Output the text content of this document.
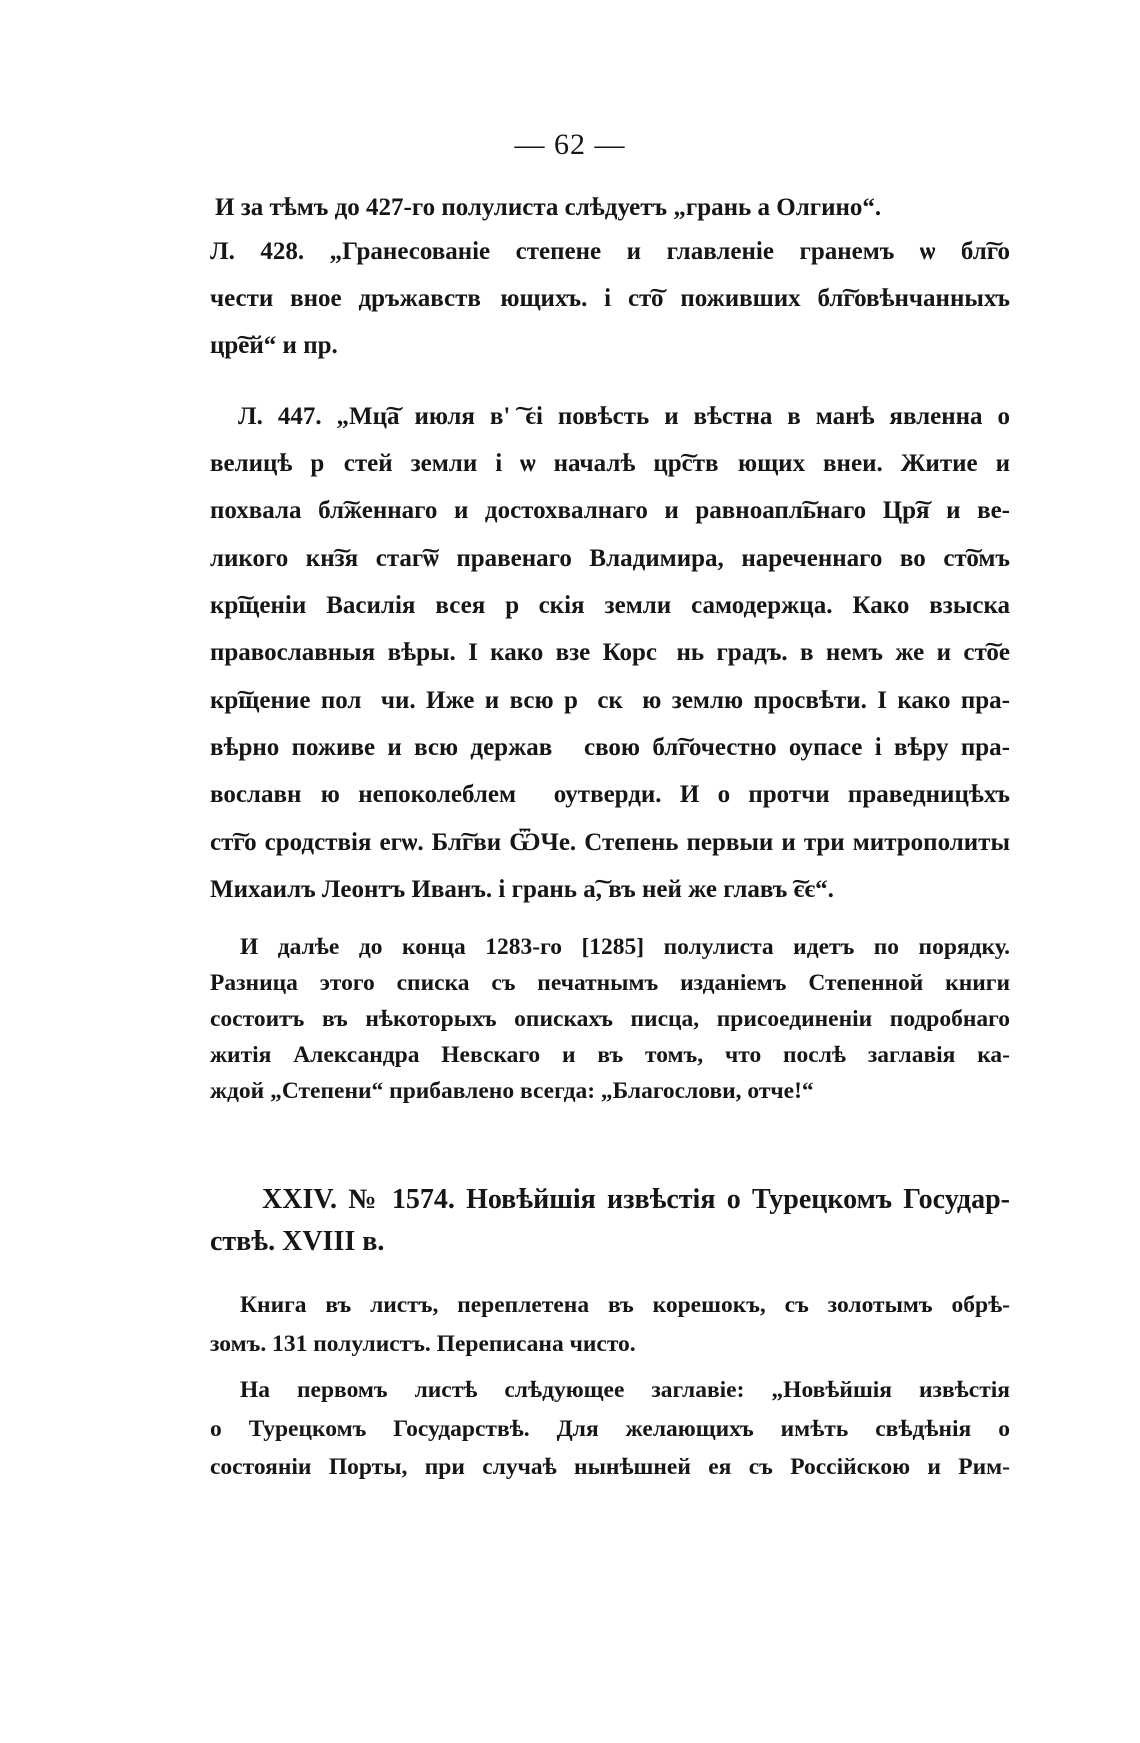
— 62 —
И за тѣмъ до 427-го полулиста слѣдуетъ „грань а Олгино“.
Л. 428. „Гранесованіе степене и главленіе гранемъ ѡ бл͠го
чести вное дръжавств꙽ющихъ. і ст͠о поживших бл͠говѣнчанныхъ
цр͠ей“ и пр.
Л. 447. „Мц͠а июля в' ͠єі повѣсть и вѣстна в манѣ явленна о
велицѣ р꙽стей земли і ѡ началѣ цр͠ств꙽ющих внеи. Житие и
похвала бл͠женнаго и достохвалнаго и равноапл͠ьнаго Цр͠я и ве-
ликого кн͠зя стаг͠ѡ правенаго Владимира, нареченнаго во ст͠омъ
кр͠щеніи Василія всея р꙽скія земли самодержца. Како взыска
православныя вѣры. І како взе Корс꙽нь градъ. в немъ же и ст͠ое
кр͠щение пол꙽чи. Иже и всю р꙽ск꙽ю землю просвѣти. І како пра-
вѣрно поживе и всю держав꙽ свою бл͠гочестно оупасе і вѣру пра-
вославн꙽ю непоколеблем꙽ оутверди. И о протчи праведницѣхъ
ст͠го сродствія егѡ. Бл͠гви ѾЧе. Степень первыи и три митрополиты
Михаилъ Леонтъ Иванъ. і грань а͠, въ ней же главъ ͠єє“.
И далѣе до конца 1283-го [1285] полулиста идетъ по порядку.
Разница этого списка съ печатнымъ изданіемъ Степенной книги
состоитъ въ нѣкоторыхъ опискахъ писца, присоединеніи подробнаго
житія Александра Невскаго и въ томъ, что послѣ заглавія ка-
ждой „Степени“ прибавлено всегда: „Благослови, отче!“
XXIV. № 1574. Новѣйшія извѣстія о Турецкомъ Государ-
ствѣ. XVIII в.
Книга въ листъ, переплетена въ корешокъ, съ золотымъ обрѣ-
зомъ. 131 полулистъ. Переписана чисто.
На первомъ листѣ слѣдующее заглавіе: „Новѣйшія извѣстія
о Турецкомъ Государствѣ. Для желающихъ имѣть свѣдѣнія о
состояніи Порты, при случаѣ нынѣшней ея съ Россійскою и Рим-
